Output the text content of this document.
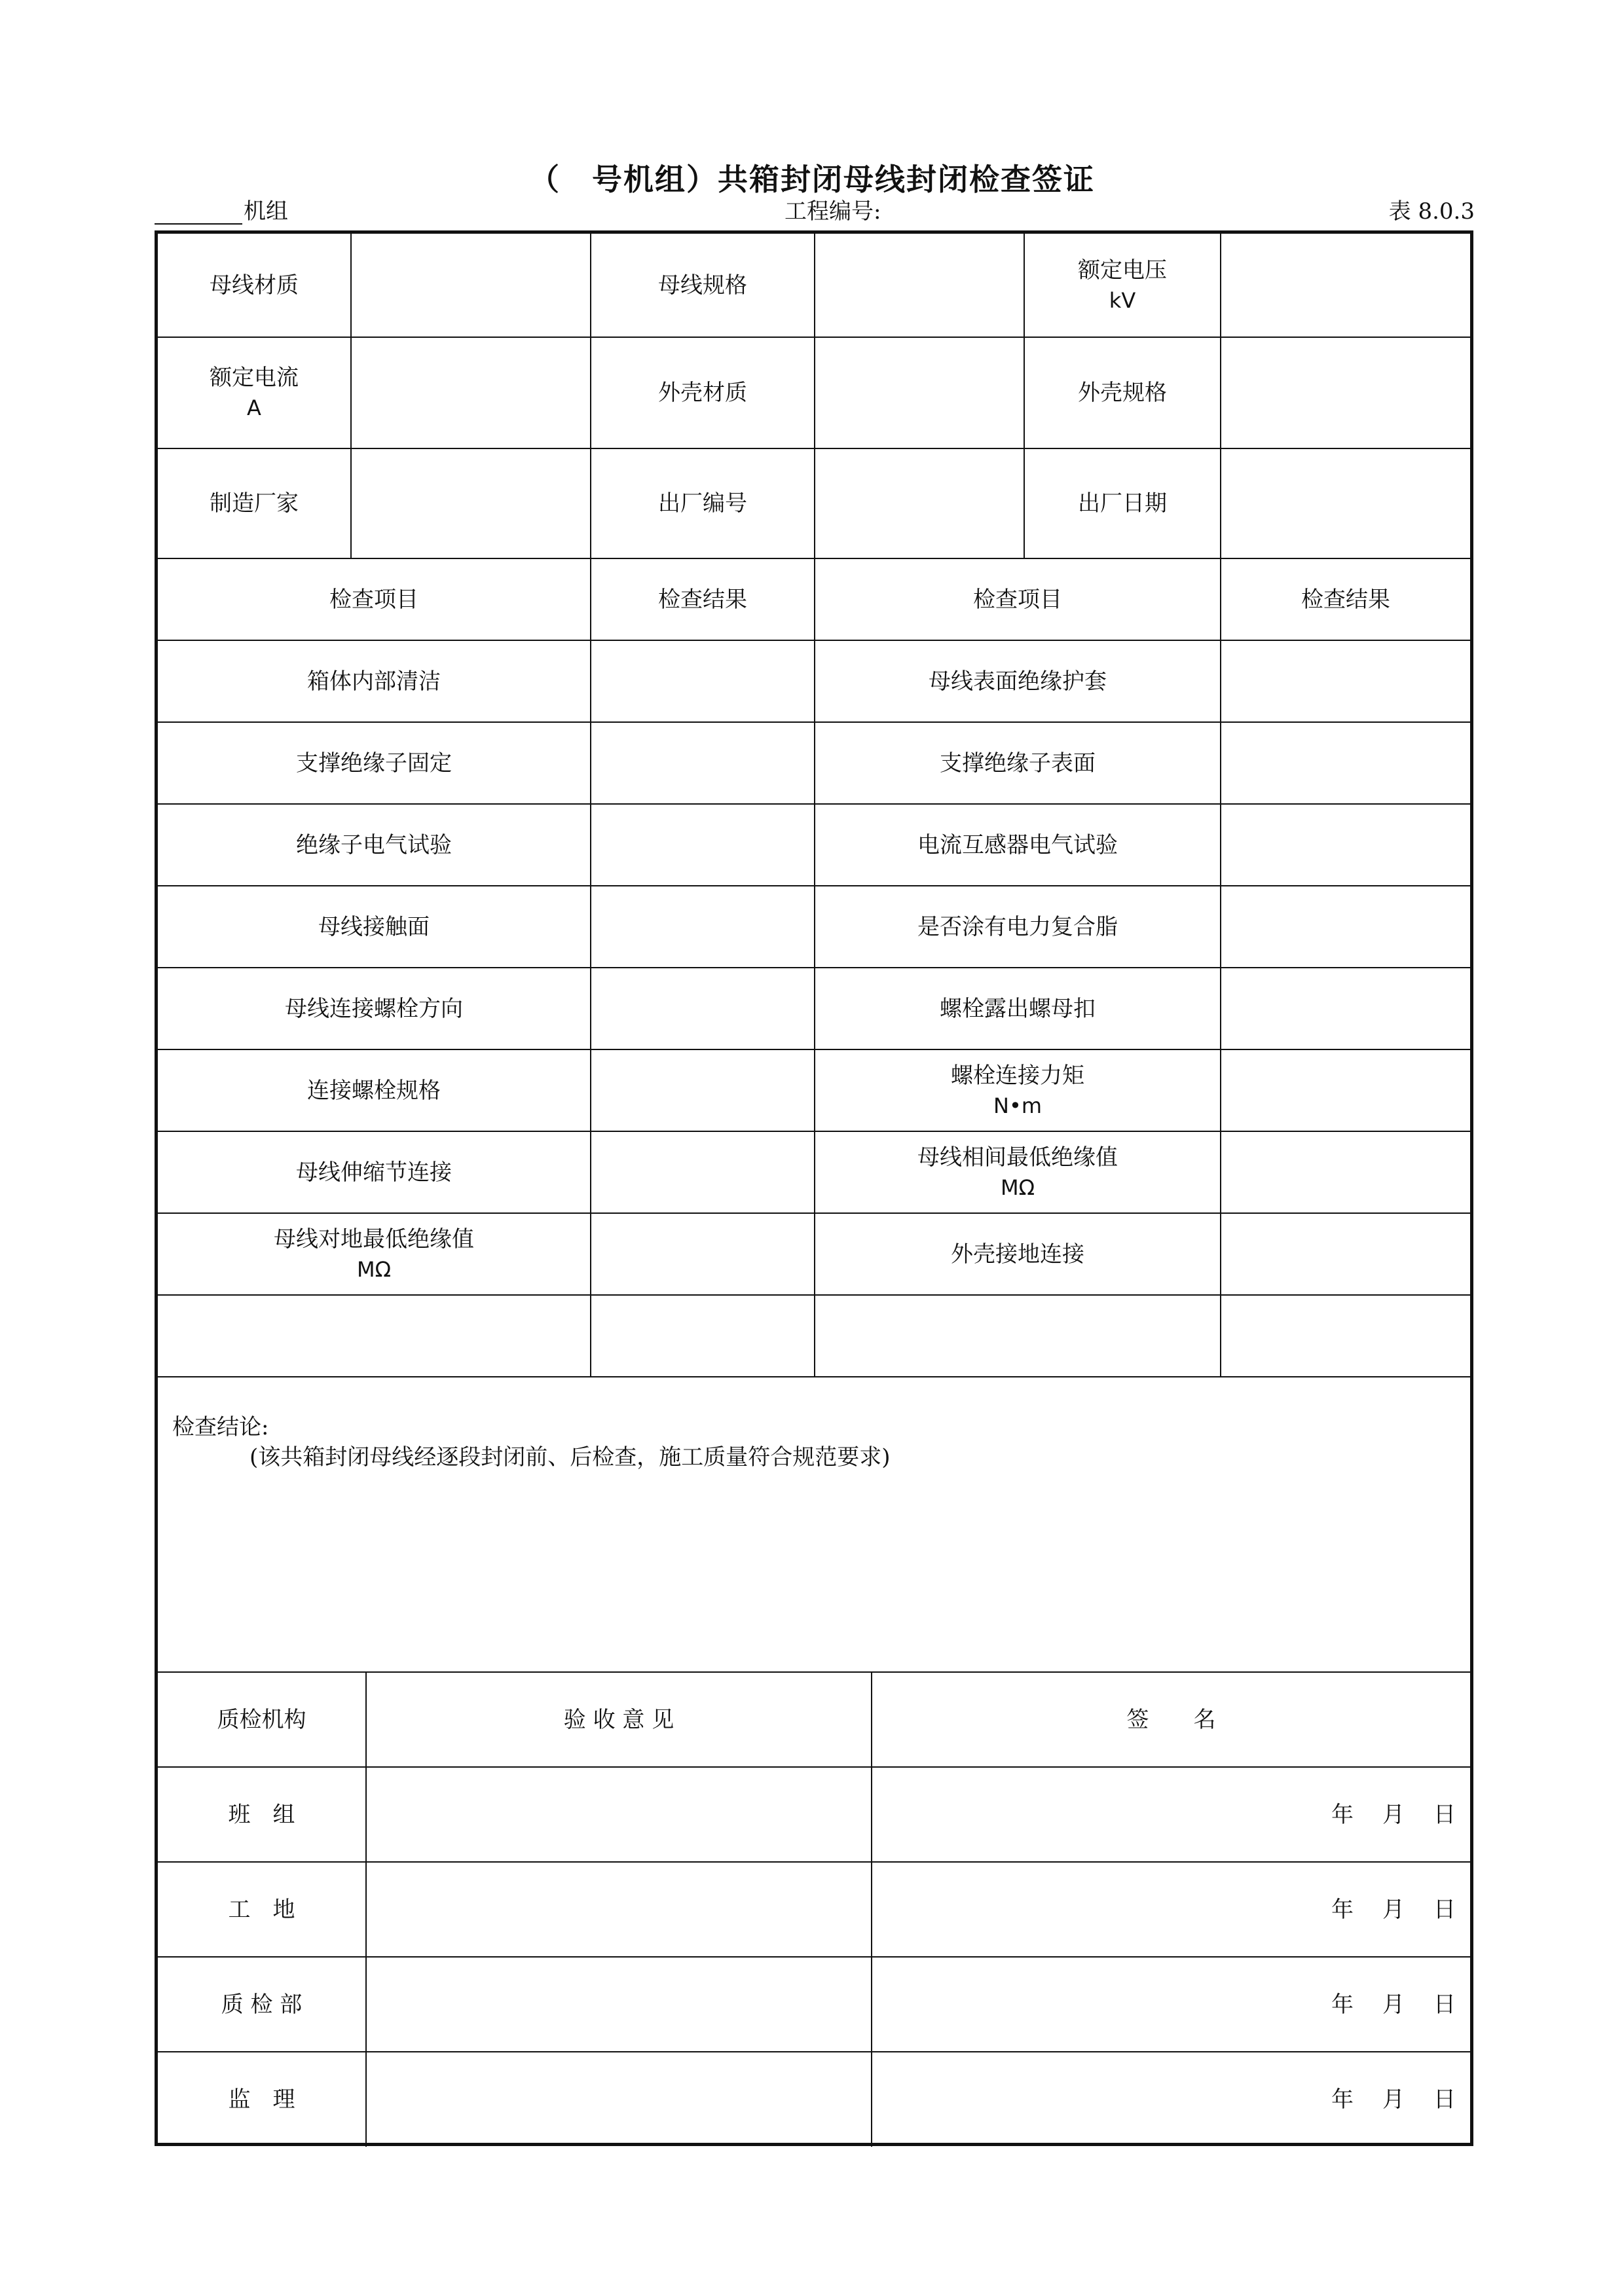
（　号机组）共箱封闭母线封闭检查签证
机组	工程编号:	表 8.0.3
母线材质		母线规格		额定电压
kV	

额定电流
A		外壳材质		外壳规格	
制造厂家		出厂编号		出厂日期	
检查项目		检查结果	检查项目		检查结果
箱体内部清洁			母线表面绝缘护套		
支撑绝缘子固定			支撑绝缘子表面		
绝缘子电气试验			电流互感器电气试验		
母线接触面			是否涂有电力复合脂		
母线连接螺栓方向			螺栓露出螺母扣		
连接螺栓规格			螺栓连接力矩
N•m		

母线伸缩节连接			母线相间最低绝缘值
MΩ		

母线对地最低绝缘值
MΩ			外壳接地连接		

检查结论:
(该共箱封闭母线经逐段封闭前、后检查，施工质量符合规范要求)
质检机构	验 收 意 见	签　　名
班　组		年 月 日
工　地		年 月 日
质 检 部		年 月 日
监　理		年 月 日
